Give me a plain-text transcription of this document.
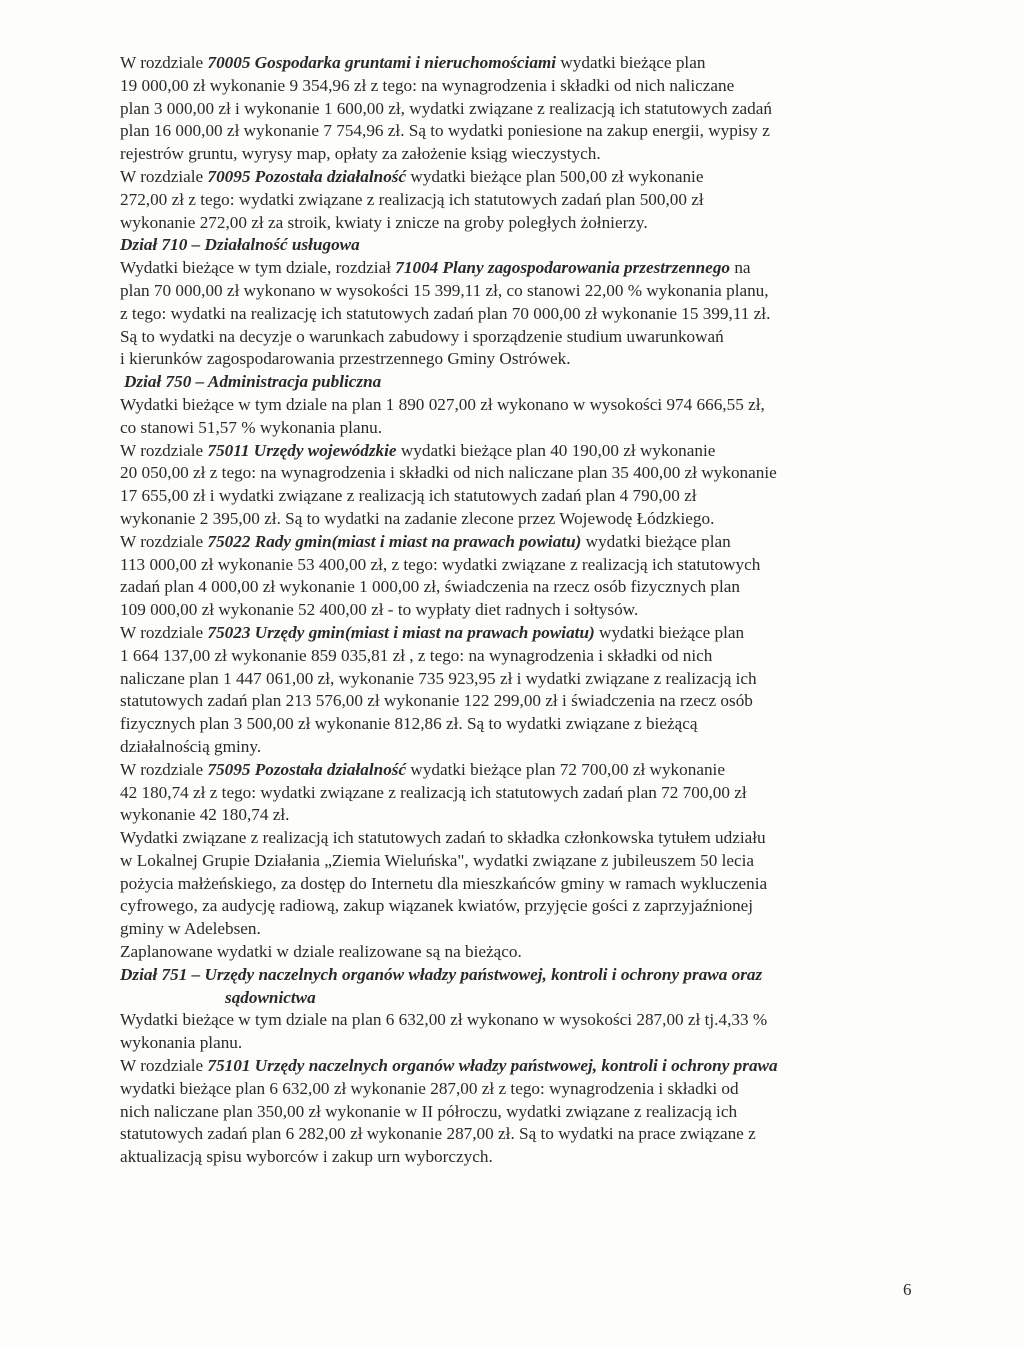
W rozdziale 70005 Gospodarka gruntami i nieruchomościami wydatki bieżące plan
19 000,00 zł wykonanie 9 354,96 zł z tego: na wynagrodzenia i składki od nich naliczane
plan 3 000,00 zł i wykonanie 1 600,00 zł, wydatki związane z realizacją ich statutowych zadań
plan 16 000,00 zł wykonanie 7 754,96 zł. Są to wydatki poniesione na zakup energii, wypisy z
rejestrów gruntu, wyrysy map, opłaty za założenie ksiąg wieczystych.
W rozdziale 70095 Pozostała działalność wydatki bieżące plan 500,00 zł wykonanie
272,00 zł z tego: wydatki związane z realizacją ich statutowych zadań plan 500,00 zł
wykonanie 272,00 zł za stroik, kwiaty i znicze na groby poległych żołnierzy.
Dział 710 – Działalność usługowa
Wydatki bieżące w tym dziale, rozdział 71004 Plany zagospodarowania przestrzennego na
plan 70 000,00 zł wykonano w wysokości 15 399,11 zł, co stanowi 22,00 % wykonania planu,
z tego: wydatki na realizację ich statutowych zadań plan 70 000,00 zł wykonanie 15 399,11 zł.
Są to wydatki na decyzje o warunkach zabudowy i sporządzenie studium uwarunkowań
i kierunków zagospodarowania przestrzennego Gminy Ostrówek.
Dział 750 – Administracja publiczna
Wydatki bieżące w tym dziale na plan 1 890 027,00 zł wykonano w wysokości 974 666,55 zł,
co stanowi 51,57 % wykonania planu.
W rozdziale 75011 Urzędy wojewódzkie wydatki bieżące plan 40 190,00 zł wykonanie
20 050,00 zł z tego: na wynagrodzenia i składki od nich naliczane plan 35 400,00 zł wykonanie
17 655,00 zł i wydatki związane z realizacją ich statutowych zadań plan 4 790,00 zł
wykonanie 2 395,00 zł. Są to wydatki na zadanie zlecone przez Wojewodę Łódzkiego.
W rozdziale 75022 Rady gmin(miast i miast na prawach powiatu) wydatki bieżące plan
113 000,00 zł wykonanie 53 400,00 zł, z tego: wydatki związane z realizacją ich statutowych
zadań plan 4 000,00 zł wykonanie 1 000,00 zł, świadczenia na rzecz osób fizycznych plan
109 000,00 zł wykonanie 52 400,00 zł - to wypłaty diet radnych i sołtysów.
W rozdziale 75023 Urzędy gmin(miast i miast na prawach powiatu) wydatki bieżące plan
1 664 137,00 zł wykonanie 859 035,81 zł , z tego: na wynagrodzenia i składki od nich
naliczane plan 1 447 061,00 zł, wykonanie 735 923,95 zł i wydatki związane z realizacją ich
statutowych zadań plan 213 576,00 zł wykonanie 122 299,00 zł i świadczenia na rzecz osób
fizycznych plan 3 500,00 zł wykonanie 812,86 zł. Są to wydatki związane z bieżącą
działalnością gminy.
W rozdziale 75095 Pozostała działalność wydatki bieżące plan 72 700,00 zł wykonanie
42 180,74 zł z tego: wydatki związane z realizacją ich statutowych zadań plan 72 700,00 zł
wykonanie 42 180,74 zł.
Wydatki związane z realizacją ich statutowych zadań to składka członkowska tytułem udziału
w Lokalnej Grupie Działania „Ziemia Wieluńska", wydatki związane z jubileuszem 50 lecia
pożycia małżeńskiego, za dostęp do Internetu dla mieszkańców gminy w ramach wykluczenia
cyfrowego, za audycję radiową, zakup wiązanek kwiatów, przyjęcie gości z zaprzyjaźnionej
gminy w Adelebsen.
Zaplanowane wydatki w dziale realizowane są na bieżąco.
Dział 751 – Urzędy naczelnych organów władzy państwowej, kontroli i ochrony prawa oraz
sądownictwa
Wydatki bieżące w tym dziale na plan 6 632,00 zł wykonano w wysokości 287,00 zł tj.4,33 %
wykonania planu.
W rozdziale 75101 Urzędy naczelnych organów władzy państwowej, kontroli i ochrony prawa
wydatki bieżące plan 6 632,00 zł wykonanie 287,00 zł z tego: wynagrodzenia i składki od
nich naliczane plan 350,00 zł wykonanie w II półroczu, wydatki związane z realizacją ich
statutowych zadań plan 6 282,00 zł wykonanie 287,00 zł. Są to wydatki na prace związane z
aktualizacją spisu wyborców i zakup urn wyborczych.
6
